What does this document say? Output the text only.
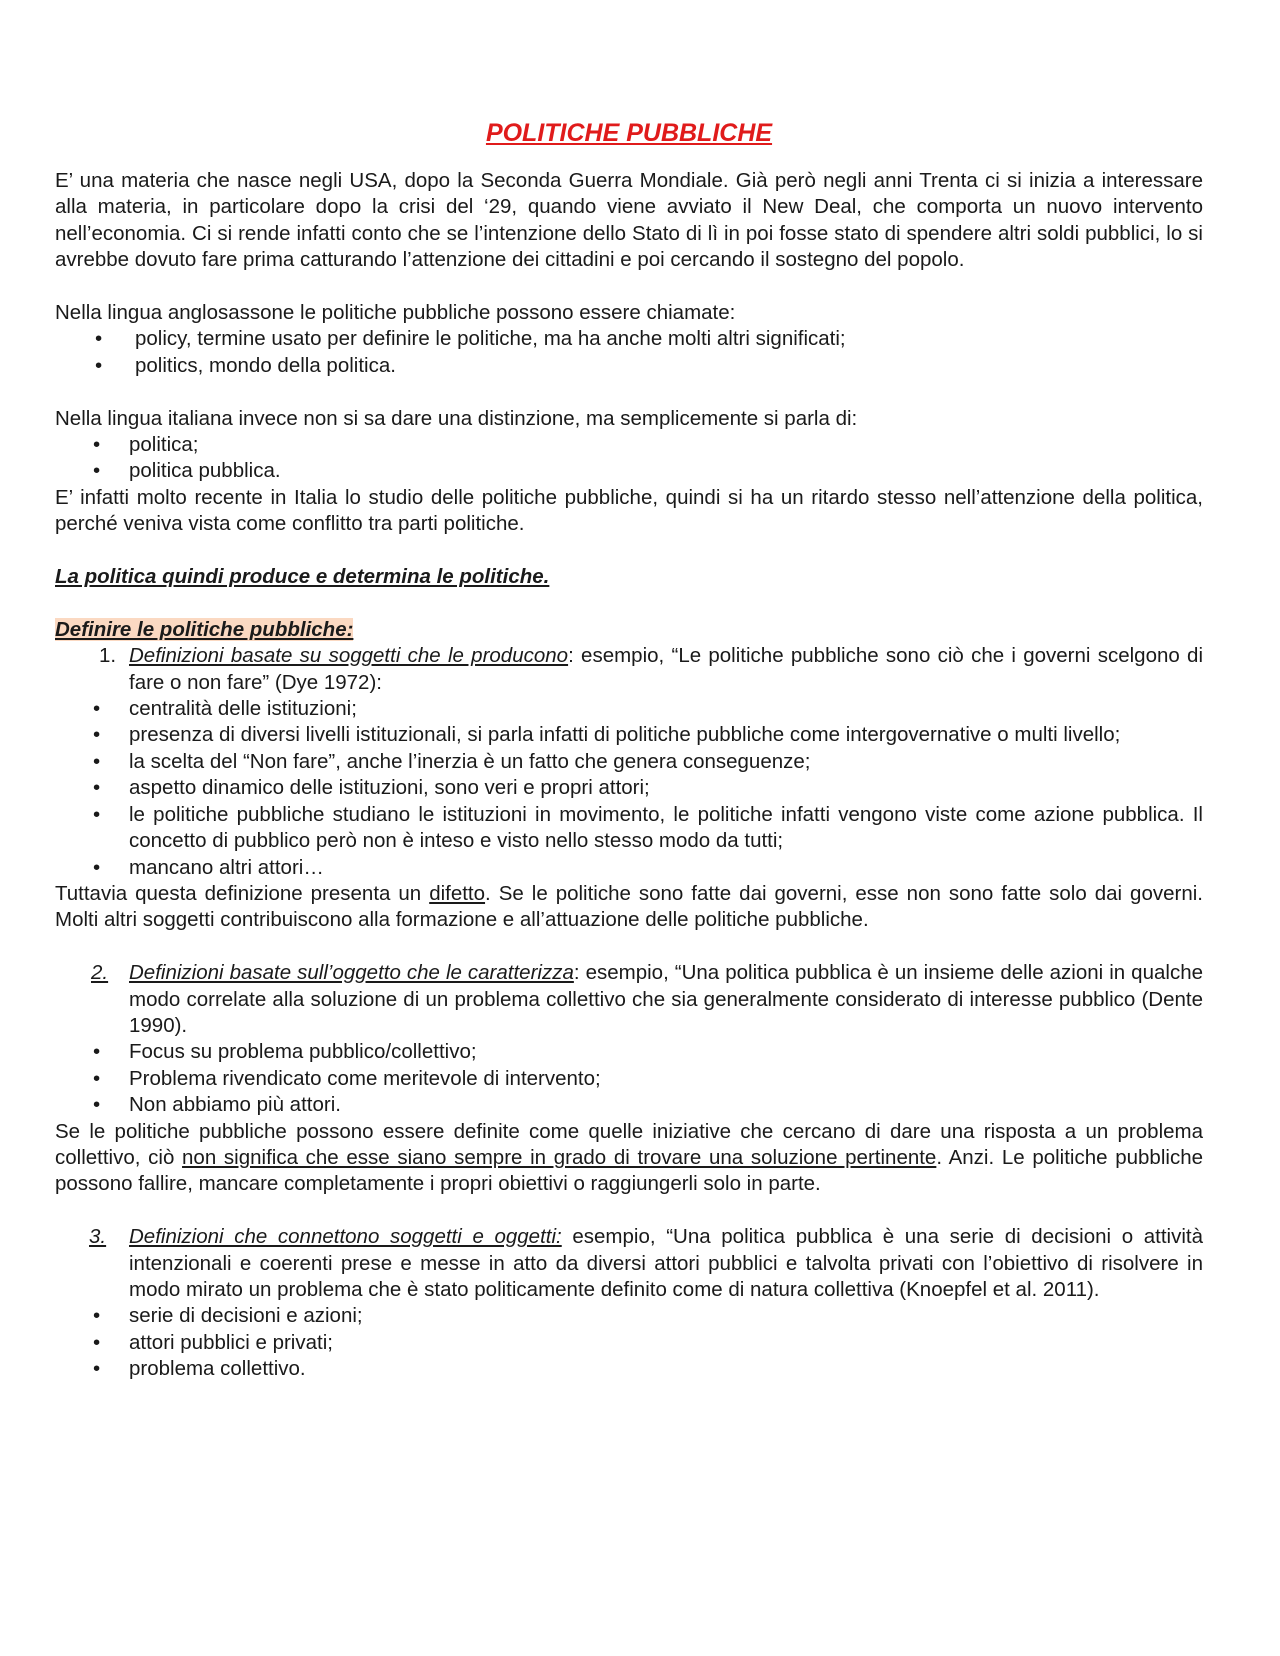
POLITICHE PUBBLICHE

E’ una materia che nasce negli USA, dopo la Seconda Guerra Mondiale. Già però negli anni Trenta ci si inizia a interessare alla materia, in particolare dopo la crisi del ‘29, quando viene avviato il New Deal, che comporta un nuovo intervento nell’economia. Ci si rende infatti conto che se l’intenzione dello Stato di lì in poi fosse stato di spendere altri soldi pubblici, lo si avrebbe dovuto fare prima catturando l’attenzione dei cittadini e poi cercando il sostegno del popolo.

Nella lingua anglosassone le politiche pubbliche possono essere chiamate:

• policy, termine usato per definire le politiche, ma ha anche molti altri significati;
• politics, mondo della politica.

Nella lingua italiana invece non si sa dare una distinzione, ma semplicemente si parla di:

• politica;
• politica pubblica.

E’ infatti molto recente in Italia lo studio delle politiche pubbliche, quindi si ha un ritardo stesso nell’attenzione della politica, perché veniva vista come conflitto tra parti politiche.

La politica quindi produce e determina le politiche.

Definire le politiche pubbliche:

1. Definizioni basate su soggetti che le producono: esempio, “Le politiche pubbliche sono ciò che i governi scelgono di fare o non fare” (Dye 1972):
• centralità delle istituzioni;
• presenza di diversi livelli istituzionali, si parla infatti di politiche pubbliche come intergovernative o multi livello;
• la scelta del “Non fare”, anche l’inerzia è un fatto che genera conseguenze;
• aspetto dinamico delle istituzioni, sono veri e propri attori;
• le politiche pubbliche studiano le istituzioni in movimento, le politiche infatti vengono viste come azione pubblica. Il concetto di pubblico però non è inteso e visto nello stesso modo da tutti;
• mancano altri attori…

Tuttavia questa definizione presenta un difetto. Se le politiche sono fatte dai governi, esse non sono fatte solo dai governi. Molti altri soggetti contribuiscono alla formazione e all’attuazione delle politiche pubbliche.

2. Definizioni basate sull’oggetto che le caratterizza: esempio, “Una politica pubblica è un insieme delle azioni in qualche modo correlate alla soluzione di un problema collettivo che sia generalmente considerato di interesse pubblico (Dente 1990).
• Focus su problema pubblico/collettivo;
• Problema rivendicato come meritevole di intervento;
• Non abbiamo più attori.

Se le politiche pubbliche possono essere definite come quelle iniziative che cercano di dare una risposta a un problema collettivo, ciò non significa che esse siano sempre in grado di trovare una soluzione pertinente. Anzi. Le politiche pubbliche possono fallire, mancare completamente i propri obiettivi o raggiungerli solo in parte.

3. Definizioni che connettono soggetti e oggetti: esempio, “Una politica pubblica è una serie di decisioni o attività intenzionali e coerenti prese e messe in atto da diversi attori pubblici e talvolta privati con l’obiettivo di risolvere in modo mirato un problema che è stato politicamente definito come di natura collettiva (Knoepfel et al. 2011).
• serie di decisioni e azioni;
• attori pubblici e privati;
• problema collettivo.
